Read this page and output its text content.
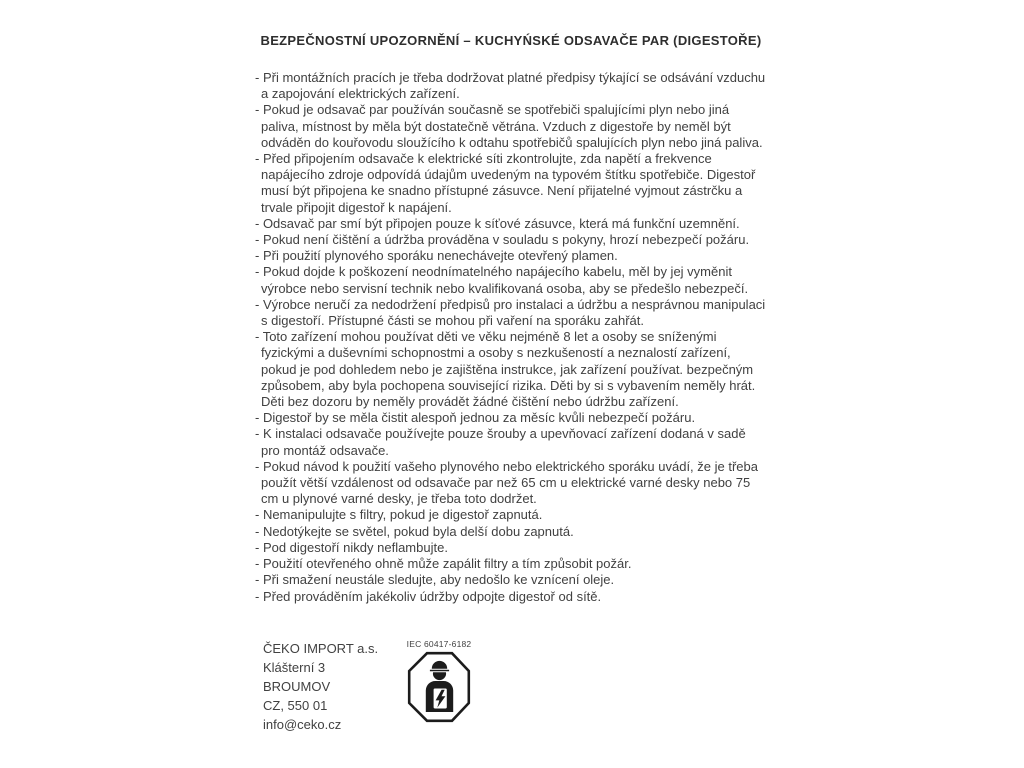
BEZPEČNOSTNÍ UPOZORNĚNÍ – KUCHYŃSKÉ ODSAVAČE PAR (DIGESTOŘE)
- Při montážních pracích je třeba dodržovat platné předpisy týkající se odsávání vzduchu a zapojování elektrických zařízení.
- Pokud je odsavač par používán současně se spotřebiči spalujícími plyn nebo jiná paliva, místnost by měla být dostatečně větrána. Vzduch z digestoře by neměl být odváděn do kouřovodu sloužícího k odtahu spotřebičů spalujících plyn nebo jiná paliva.
- Před připojením odsavače k elektrické síti zkontrolujte, zda napětí a frekvence napájecího zdroje odpovídá údajům uvedeným na typovém štítku spotřebiče. Digestoř musí být připojena ke snadno přístupné zásuvce. Není přijatelné vyjmout zástrčku a trvale připojit digestoř k napájení.
- Odsavač par smí být připojen pouze k síťové zásuvce, která má funkční uzemnění.
- Pokud není čištění a údržba prováděna v souladu s pokyny, hrozí nebezpečí požáru.
- Při použití plynového sporáku nenechávejte otevřený plamen.
- Pokud dojde k poškození neodnímatelného napájecího kabelu, měl by jej vyměnit výrobce nebo servisní technik nebo kvalifikovaná osoba, aby se předešlo nebezpečí.
- Výrobce neručí za nedodržení předpisů pro instalaci a údržbu a nesprávnou manipulaci s digestoří. Přístupné části se mohou při vaření na sporáku zahřát.
- Toto zařízení mohou používat děti ve věku nejméně 8 let a osoby se sníženými fyzickými a duševními schopnostmi a osoby s nezkušeností a neznalostí zařízení, pokud je pod dohledem nebo je zajištěna instrukce, jak zařízení používat. bezpečným způsobem, aby byla pochopena související rizika. Děti by si s vybavením neměly hrát. Děti bez dozoru by neměly provádět žádné čištění nebo údržbu zařízení.
- Digestoř by se měla čistit alespoň jednou za měsíc kvůli nebezpečí požáru.
- K instalaci odsavače používejte pouze šrouby a upevňovací zařízení dodaná v sadě pro montáž odsavače.
- Pokud návod k použití vašeho plynového nebo elektrického sporáku uvádí, že je třeba použít větší vzdálenost od odsavače par než 65 cm u elektrické varné desky nebo 75 cm u plynové varné desky, je třeba toto dodržet.
- Nemanipulujte s filtry, pokud je digestoř zapnutá.
- Nedotýkejte se světel, pokud byla delší dobu zapnutá.
- Pod digestoří nikdy neflambujte.
- Použití otevřeného ohně může zapálit filtry a tím způsobit požár.
- Při smažení neustále sledujte, aby nedošlo ke vznícení oleje.
- Před prováděním jakékoliv údržby odpojte digestoř od sítě.
ČEKO IMPORT a.s.
Klášterní 3
BROUMOV
CZ, 550 01
info@ceko.cz
IEC 60417-6182
